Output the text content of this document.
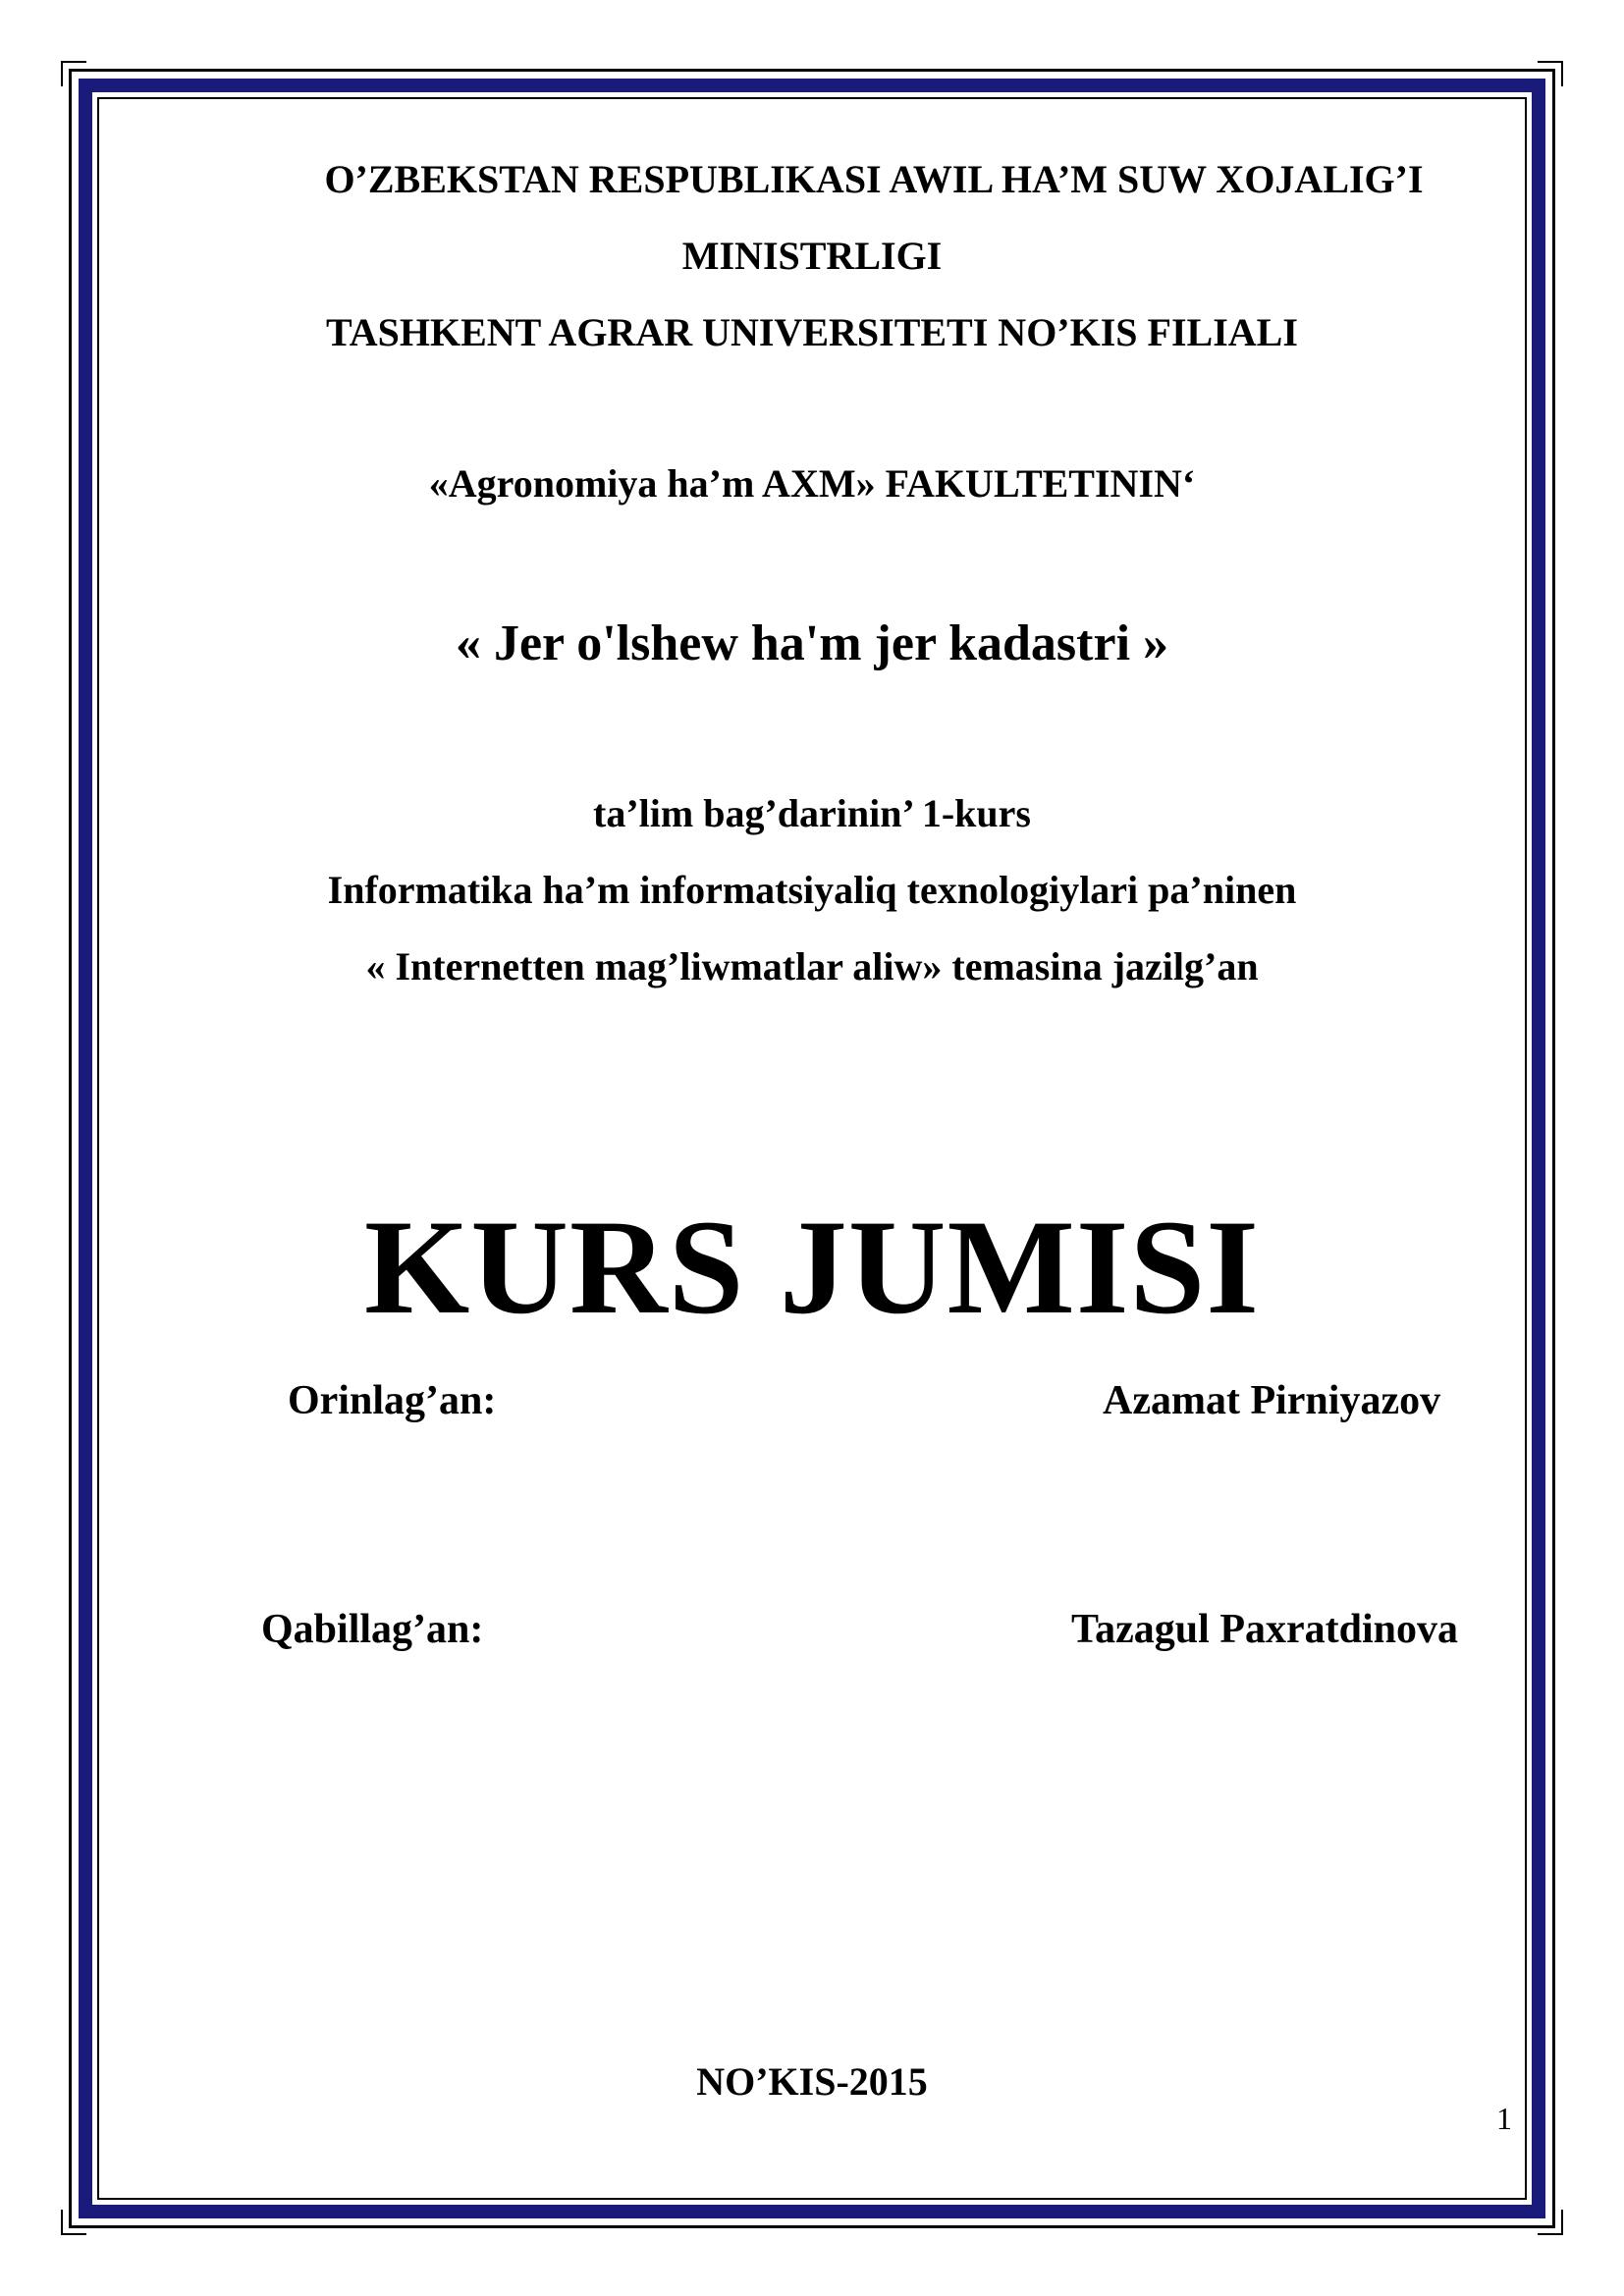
O’ZBEKSTAN RESPUBLIKASI AWIL HA’M SUW XOJALIG’I
MINISTRLIGI
TASHKENT AGRAR UNIVERSITETI NO’KIS FILIALI
«Agronomiya ha’m AXM» FAKULTETININ‘
« Jer o'lshew ha'm jer kadastri »
ta’lim bag’darinin’ 1-kurs
Informatika ha’m informatsiyaliq texnologiylari pa’ninen
« Internetten mag’liwmatlar aliw» temasina jazilg’an
KURS JUMISI
Orinlag’an:	Azamat Pirniyazov
Qabillag’an:	Tazagul Paxratdinova
NO’KIS-2015
1
